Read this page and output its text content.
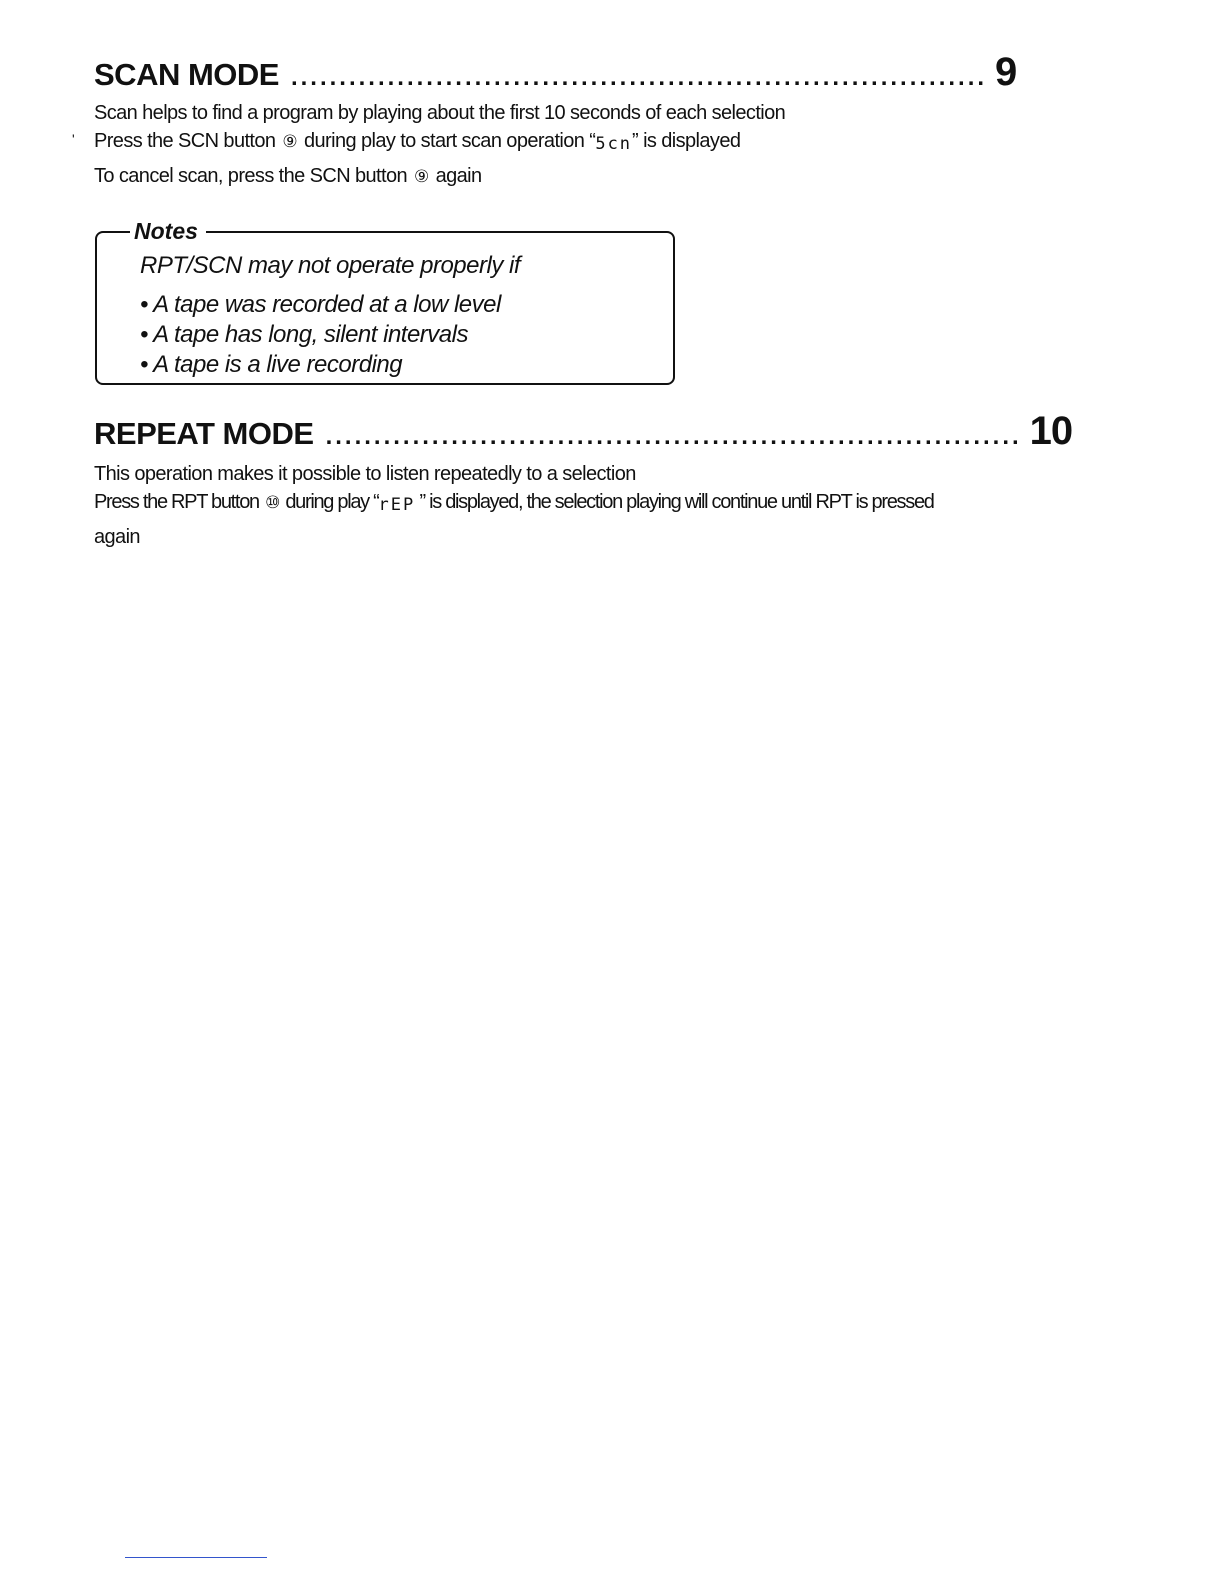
SCAN MODE ........................................................................ 9
'
Scan helps to find a program by playing about the first 10 seconds of each selection
Press the SCN button ⑨ during play to start scan operation “5cn” is displayed
To cancel scan, press the SCN button ⑨ again
Notes
RPT/SCN may not operate properly if
• A tape was recorded at a low level
• A tape has long, silent intervals
• A tape is a live recording
REPEAT MODE ........................................................................ 10
This operation makes it possible to listen repeatedly to a selection
Press the RPT button ⑩ during play “rEP ” is displayed, the selection playing will continue until RPT is pressed
again
